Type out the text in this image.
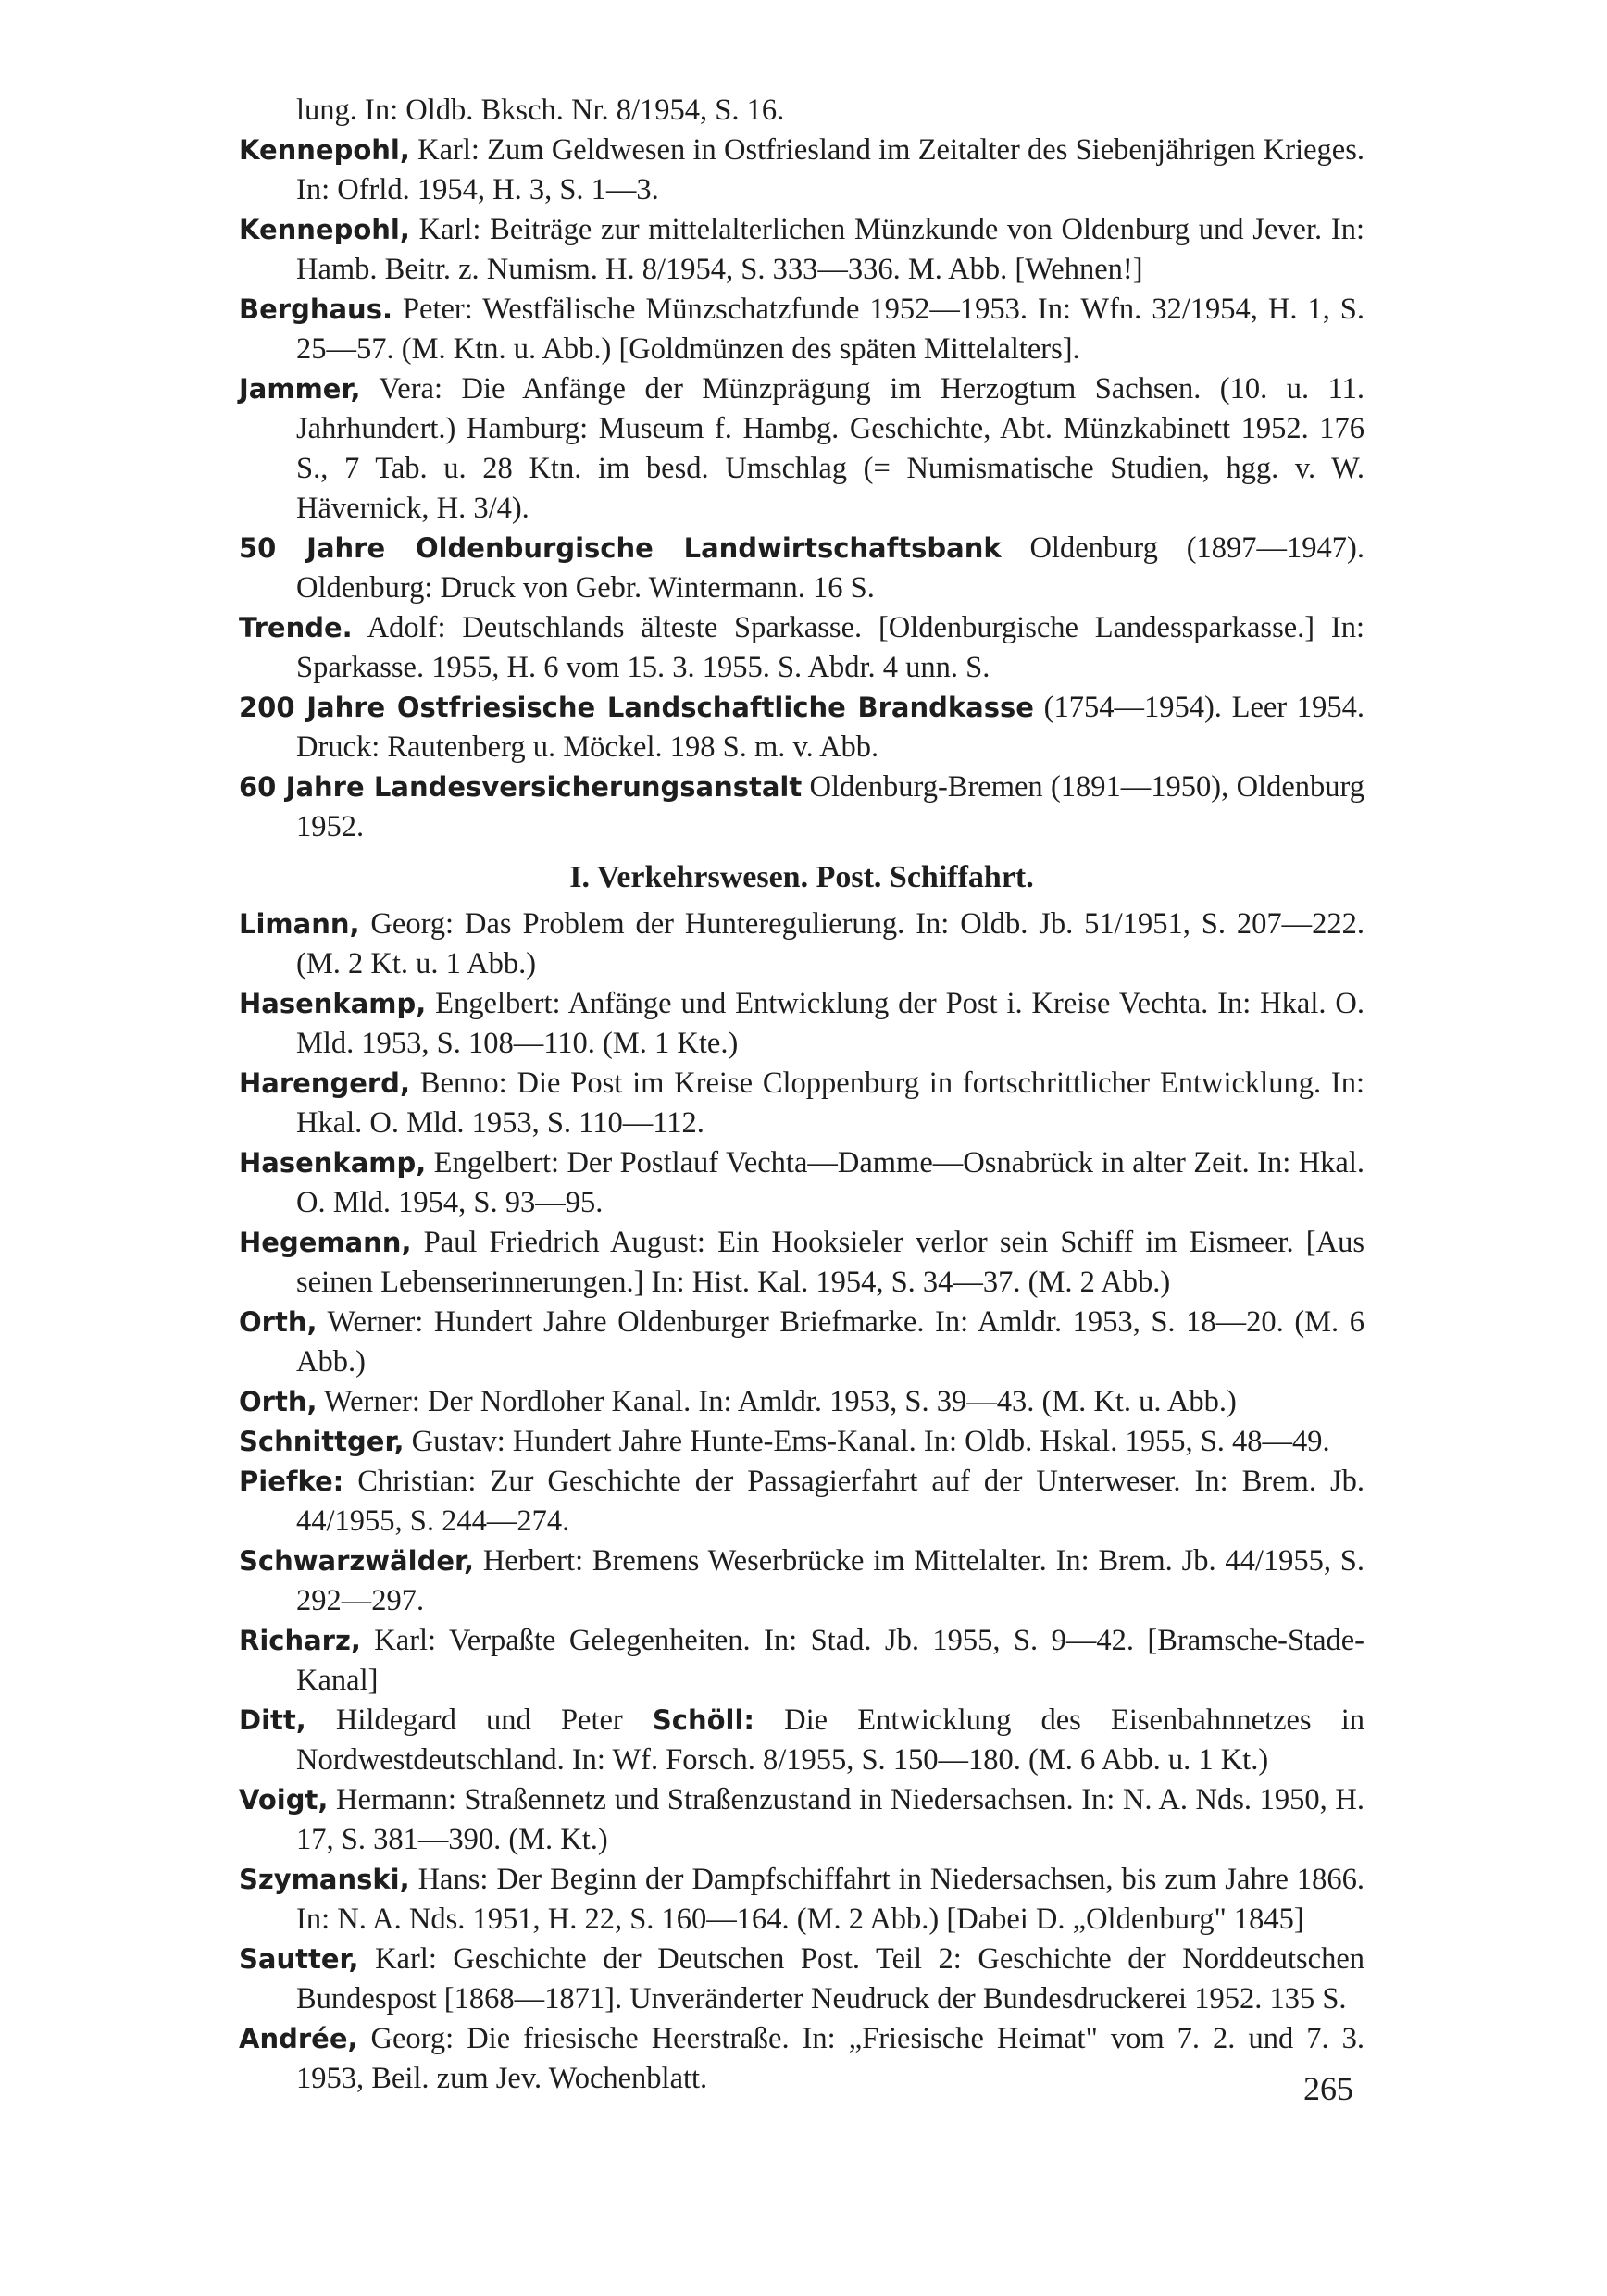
lung. In: Oldb. Bksch. Nr. 8/1954, S. 16.

Kennepohl, Karl: Zum Geldwesen in Ostfriesland im Zeitalter des Siebenjährigen Krieges. In: Ofrld. 1954, H. 3, S. 1—3.

Kennepohl, Karl: Beiträge zur mittelalterlichen Münzkunde von Oldenburg und Jever. In: Hamb. Beitr. z. Numism. H. 8/1954, S. 333—336. M. Abb. [Wehnen!]

Berghaus. Peter: Westfälische Münzschatzfunde 1952—1953. In: Wfn. 32/1954, H. 1, S. 25—57. (M. Ktn. u. Abb.) [Goldmünzen des späten Mittelalters].

Jammer, Vera: Die Anfänge der Münzprägung im Herzogtum Sachsen. (10. u. 11. Jahrhundert.) Hamburg: Museum f. Hambg. Geschichte, Abt. Münzkabinett 1952. 176 S., 7 Tab. u. 28 Ktn. im besd. Umschlag (= Numismatische Studien, hgg. v. W. Hävernick, H. 3/4).

50 Jahre Oldenburgische Landwirtschaftsbank Oldenburg (1897—1947). Oldenburg: Druck von Gebr. Wintermann. 16 S.

Trende. Adolf: Deutschlands älteste Sparkasse. [Oldenburgische Landessparkasse.] In: Sparkasse. 1955, H. 6 vom 15. 3. 1955. S. Abdr. 4 unn. S.

200 Jahre Ostfriesische Landschaftliche Brandkasse (1754—1954). Leer 1954. Druck: Rautenberg u. Möckel. 198 S. m. v. Abb.

60 Jahre Landesversicherungsanstalt Oldenburg-Bremen (1891—1950), Oldenburg 1952.

I. Verkehrswesen. Post. Schiffahrt.

Limann, Georg: Das Problem der Hunteregulierung. In: Oldb. Jb. 51/1951, S. 207—222. (M. 2 Kt. u. 1 Abb.)

Hasenkamp, Engelbert: Anfänge und Entwicklung der Post i. Kreise Vechta. In: Hkal. O. Mld. 1953, S. 108—110. (M. 1 Kte.)

Harengerd, Benno: Die Post im Kreise Cloppenburg in fortschrittlicher Entwicklung. In: Hkal. O. Mld. 1953, S. 110—112.

Hasenkamp, Engelbert: Der Postlauf Vechta—Damme—Osnabrück in alter Zeit. In: Hkal. O. Mld. 1954, S. 93—95.

Hegemann, Paul Friedrich August: Ein Hooksieler verlor sein Schiff im Eismeer. [Aus seinen Lebenserinnerungen.] In: Hist. Kal. 1954, S. 34—37. (M. 2 Abb.)

Orth, Werner: Hundert Jahre Oldenburger Briefmarke. In: Amldr. 1953, S. 18—20. (M. 6 Abb.)

Orth, Werner: Der Nordloher Kanal. In: Amldr. 1953, S. 39—43. (M. Kt. u. Abb.)

Schnittger, Gustav: Hundert Jahre Hunte-Ems-Kanal. In: Oldb. Hskal. 1955, S. 48—49.

Piefke: Christian: Zur Geschichte der Passagierfahrt auf der Unterweser. In: Brem. Jb. 44/1955, S. 244—274.

Schwarzwälder, Herbert: Bremens Weserbrücke im Mittelalter. In: Brem. Jb. 44/1955, S. 292—297.

Richarz, Karl: Verpaßte Gelegenheiten. In: Stad. Jb. 1955, S. 9—42. [Bramsche-Stade-Kanal]

Ditt, Hildegard und Peter Schöll: Die Entwicklung des Eisenbahnnetzes in Nordwestdeutschland. In: Wf. Forsch. 8/1955, S. 150—180. (M. 6 Abb. u. 1 Kt.)

Voigt, Hermann: Straßennetz und Straßenzustand in Niedersachsen. In: N. A. Nds. 1950, H. 17, S. 381—390. (M. Kt.)

Szymanski, Hans: Der Beginn der Dampfschiffahrt in Niedersachsen, bis zum Jahre 1866. In: N. A. Nds. 1951, H. 22, S. 160—164. (M. 2 Abb.) [Dabei D. „Oldenburg" 1845]

Sautter, Karl: Geschichte der Deutschen Post. Teil 2: Geschichte der Norddeutschen Bundespost [1868—1871]. Unveränderter Neudruck der Bundesdruckerei 1952. 135 S.

Andrée, Georg: Die friesische Heerstraße. In: „Friesische Heimat" vom 7. 2. und 7. 3. 1953, Beil. zum Jev. Wochenblatt.	265
